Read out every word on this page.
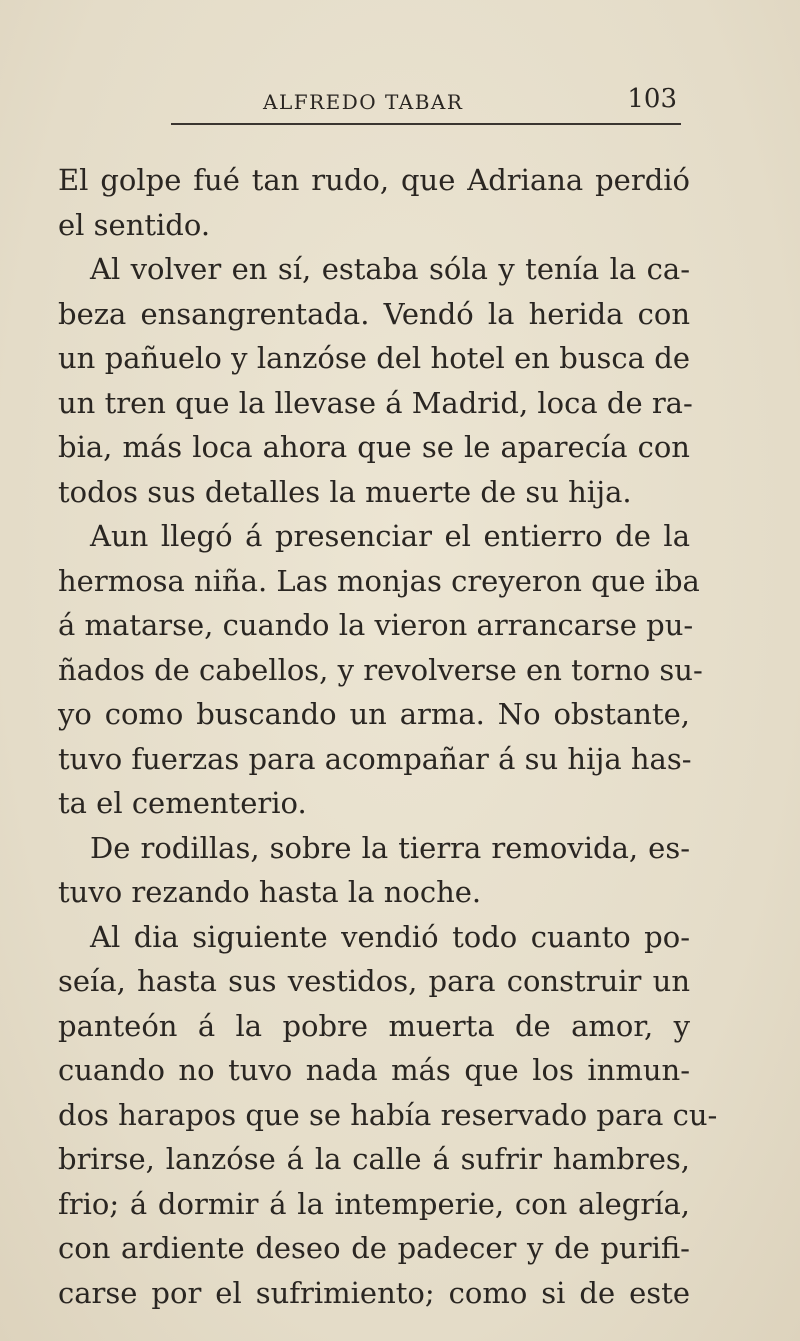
ALFREDO TABAR	103
El golpe fué tan rudo, que Adriana perdió
el sentido.
Al volver en sí, estaba sóla y tenía la ca-
beza ensangrentada. Vendó la herida con
un pañuelo y lanzóse del hotel en busca de
un tren que la llevase á Madrid, loca de ra-
bia, más loca ahora que se le aparecía con
todos sus detalles la muerte de su hija.
Aun llegó á presenciar el entierro de la
hermosa niña. Las monjas creyeron que iba
á matarse, cuando la vieron arrancarse pu-
ñados de cabellos, y revolverse en torno su-
yo como buscando un arma. No obstante,
tuvo fuerzas para acompañar á su hija has-
ta el cementerio.
De rodillas, sobre la tierra removida, es-
tuvo rezando hasta la noche.
Al dia siguiente vendió todo cuanto po-
seía, hasta sus vestidos, para construir un
panteón á la pobre muerta de amor, y
cuando no tuvo nada más que los inmun-
dos harapos que se había reservado para cu-
brirse, lanzóse á la calle á sufrir hambres,
frio; á dormir á la intemperie, con alegría,
con ardiente deseo de padecer y de purifi-
carse por el sufrimiento; como si de este
